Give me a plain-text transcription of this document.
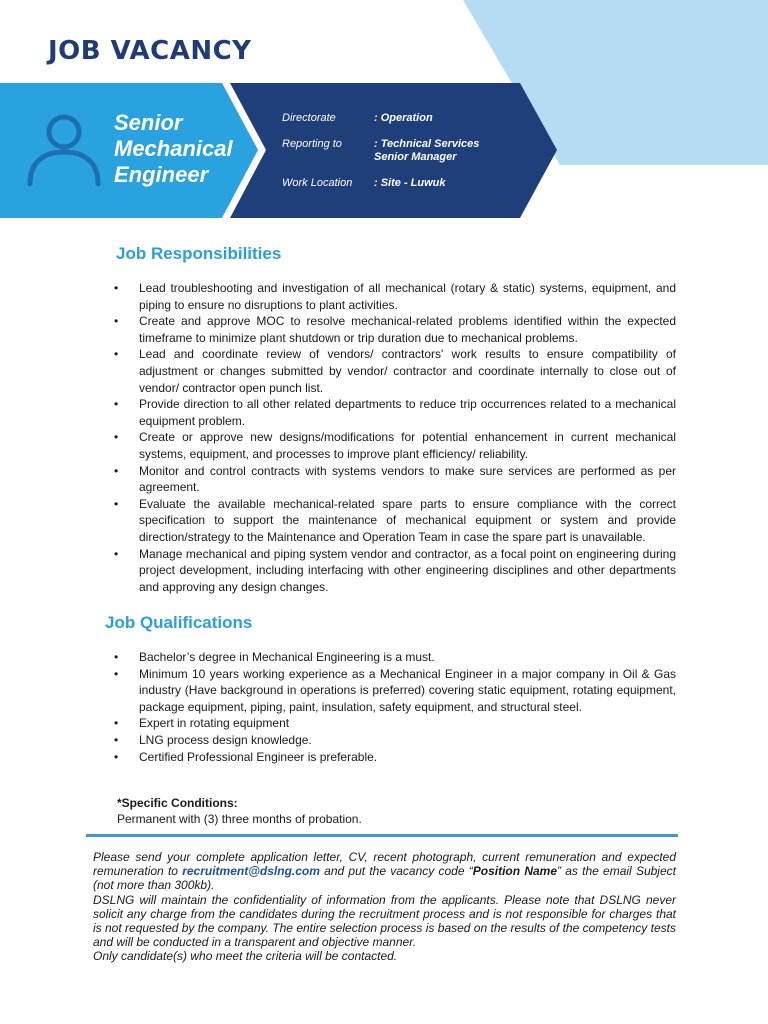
JOB VACANCY
Senior
Mechanical
Engineer
Directorate	: Operation
Reporting to	: Technical Services
Senior Manager
Work Location	: Site - Luwuk
Job Responsibilities
• Lead troubleshooting and investigation of all mechanical (rotary & static) systems, equipment, and piping to ensure no disruptions to plant activities.
• Create and approve MOC to resolve mechanical-related problems identified within the expected timeframe to minimize plant shutdown or trip duration due to mechanical problems.
• Lead and coordinate review of vendors/ contractors' work results to ensure compatibility of adjustment or changes submitted by vendor/ contractor and coordinate internally to close out of vendor/ contractor open punch list.
• Provide direction to all other related departments to reduce trip occurrences related to a mechanical equipment problem.
• Create or approve new designs/modifications for potential enhancement in current mechanical systems, equipment, and processes to improve plant efficiency/ reliability.
• Monitor and control contracts with systems vendors to make sure services are performed as per agreement.
• Evaluate the available mechanical-related spare parts to ensure compliance with the correct specification to support the maintenance of mechanical equipment or system and provide direction/strategy to the Maintenance and Operation Team in case the spare part is unavailable.
• Manage mechanical and piping system vendor and contractor, as a focal point on engineering during project development, including interfacing with other engineering disciplines and other departments and approving any design changes.
Job Qualifications
• Bachelor’s degree in Mechanical Engineering is a must.
• Minimum 10 years working experience as a Mechanical Engineer in a major company in Oil & Gas industry (Have background in operations is preferred) covering static equipment, rotating equipment, package equipment, piping, paint, insulation, safety equipment, and structural steel.
• Expert in rotating equipment
• LNG process design knowledge.
• Certified Professional Engineer is preferable.
*Specific Conditions:
Permanent with (3) three months of probation.

Please send your complete application letter, CV, recent photograph, current remuneration and expected remuneration to recruitment@dslng.com and put the vacancy code “Position Name” as the email Subject (not more than 300kb).

DSLNG will maintain the confidentiality of information from the applicants. Please note that DSLNG never solicit any charge from the candidates during the recruitment process and is not responsible for charges that is not requested by the company. The entire selection process is based on the results of the competency tests and will be conducted in a transparent and objective manner.

Only candidate(s) who meet the criteria will be contacted.
